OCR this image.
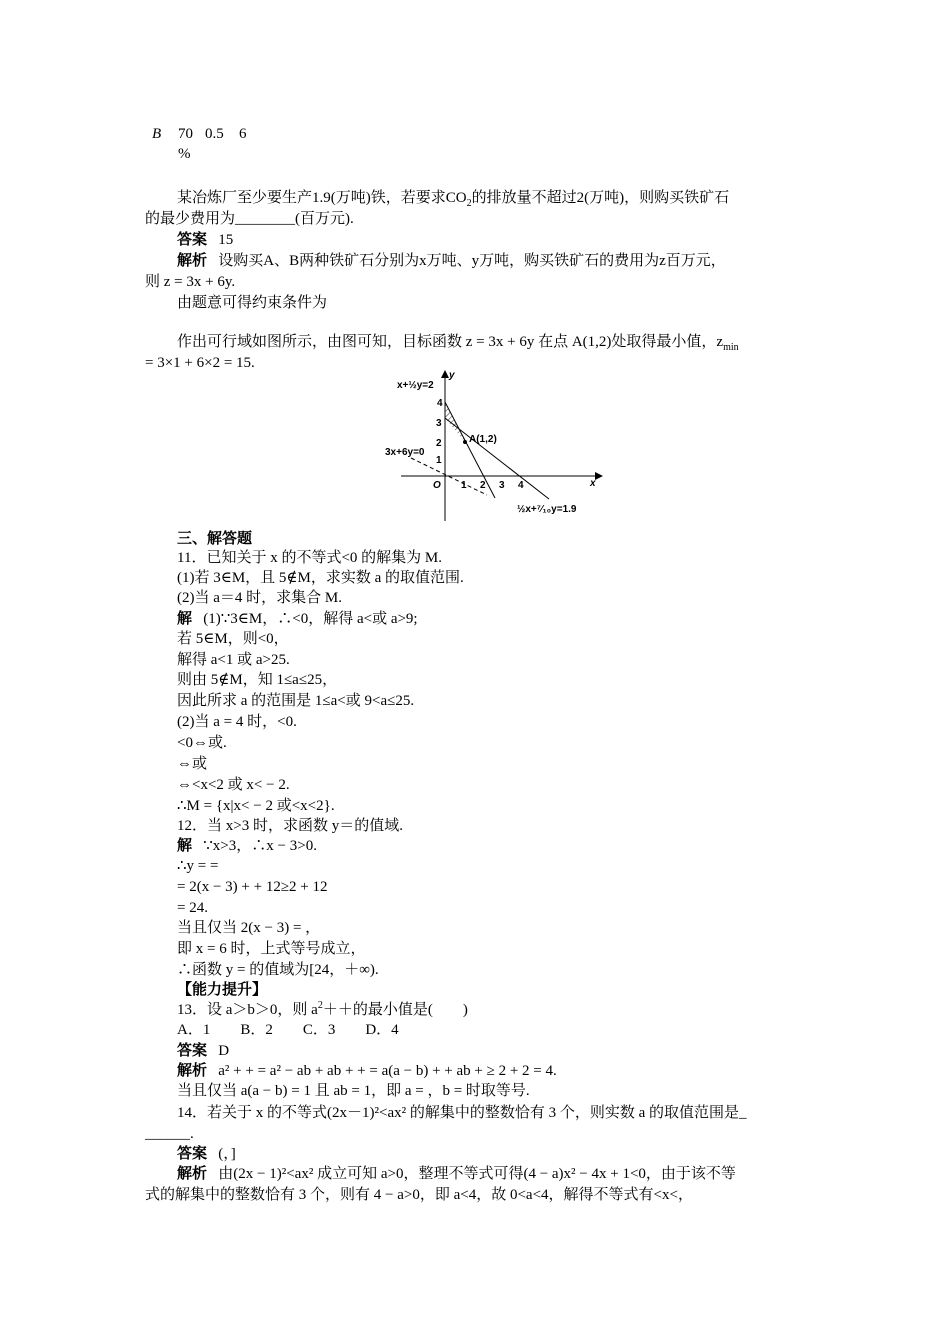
B 70 0.5 6
%
某冶炼厂至少要生产1.9(万吨)铁，若要求$CO_2$的排放量不超过2(万吨)，则购买铁矿石
的最少费用为________(百万元).
答案 15
解析 设购买A、B两种铁矿石分别为x万吨、y万吨，购买铁矿石的费用为z百万元，
则 z = 3x + 6y.
由题意可得约束条件为
作出可行域如图所示，由图可知，目标函数 z = 3x + 6y 在点 A(1,2)处取得最小值，$z_{min}$
= 3×1 + 6×2 = 15.
4
3
2
1
1 2 3 4
O
y
x
A(1,2)
x+½y=2
3x+6y=0
½x+⁷⁄₁₀y=1.9
三、解答题
11．已知关于 x 的不等式<0 的解集为 M.
(1)若 3∈M，且 5∉M，求实数 a 的取值范围.
(2)当 a＝4 时，求集合 M.
解 (1)∵3∈M，∴<0，解得 a<或 a>9;
若 5∈M，则<0，
解得 a<1 或 a>25.
则由 5∉M，知 1≤a≤25，
因此所求 a 的范围是 1≤a<或 9<a≤25.
(2)当 a = 4 时，<0.
<0⇔或.
⇔或
⇔<x<2 或 x< − 2.
∴M = {x|x< − 2 或<x<2}.
12．当 x>3 时，求函数 y＝的值域.
解 ∵x>3，∴x − 3>0.
∴y = =
= 2(x − 3) + + 12≥2 + 12
= 24.
当且仅当 2(x − 3) = ，
即 x = 6 时，上式等号成立，
∴函数 y = 的值域为[24，＋∞).
【能力提升】
13．设 a＞b＞0，则 $a^2++$的最小值是(　　)
A．1　　B．2　　C．3　　D．4
答案 D
解析 a² + + = a² − ab + ab + + = a(a − b) + + ab + ≥ 2 + 2 = 4.
当且仅当 a(a − b) = 1 且 ab = 1，即 a = ，b = 时取等号.
14．若关于 x 的不等式(2x－1)²<ax² 的解集中的整数恰有 3 个，则实数 a 的取值范围是_
______.
答案 (，]
解析 由(2x − 1)²<ax² 成立可知 a>0，整理不等式可得(4 − a)x² − 4x + 1<0，由于该不等
式的解集中的整数恰有 3 个，则有 4 − a>0，即 a<4，故 0<a<4，解得不等式有<x<，
